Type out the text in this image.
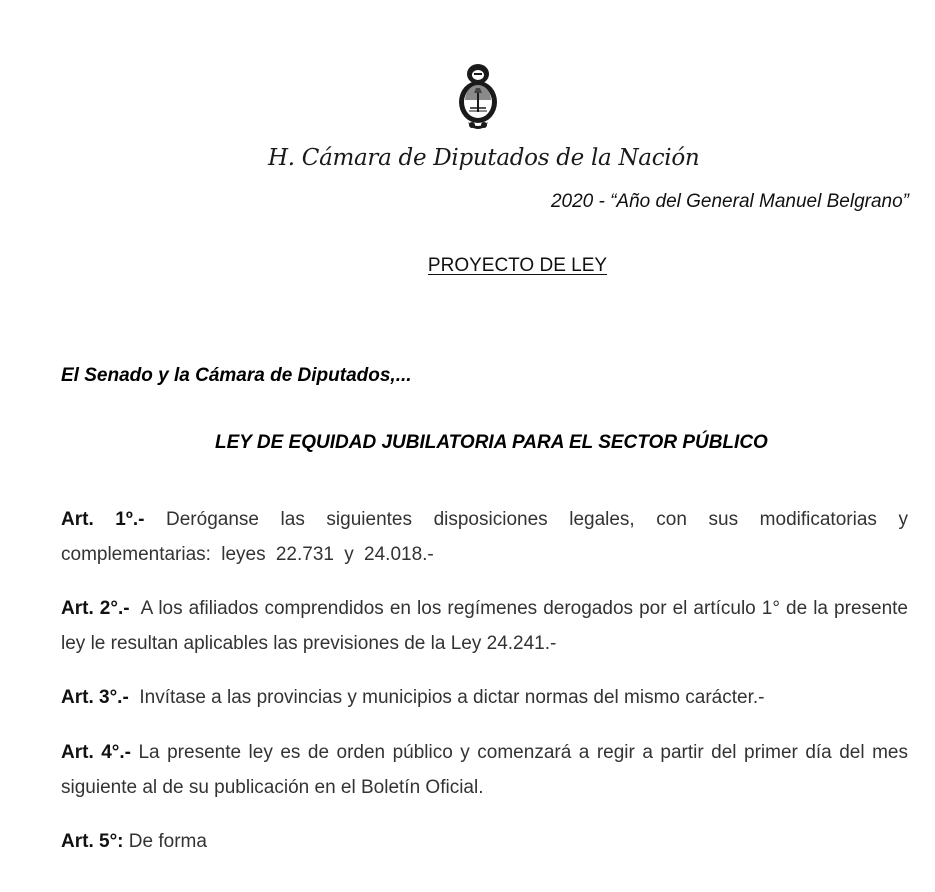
H. Cámara de Diputados de la Nación
2020 - “Año del General Manuel Belgrano”
PROYECTO DE LEY
El Senado y la Cámara de Diputados,...
LEY DE EQUIDAD JUBILATORIA PARA EL SECTOR PÚBLICO

Art. 1º.- Deróganse las siguientes disposiciones legales, con sus modificatorias y complementarias: leyes 22.731 y 24.018.-

Art. 2°.- A los afiliados comprendidos en los regímenes derogados por el artículo 1° de la presente ley le resultan aplicables las previsiones de la Ley 24.241.-

Art. 3°.- Invítase a las provincias y municipios a dictar normas del mismo carácter.-

Art. 4°.- La presente ley es de orden público y comenzará a regir a partir del primer día del mes siguiente al de su publicación en el Boletín Oficial.

Art. 5°: De forma
